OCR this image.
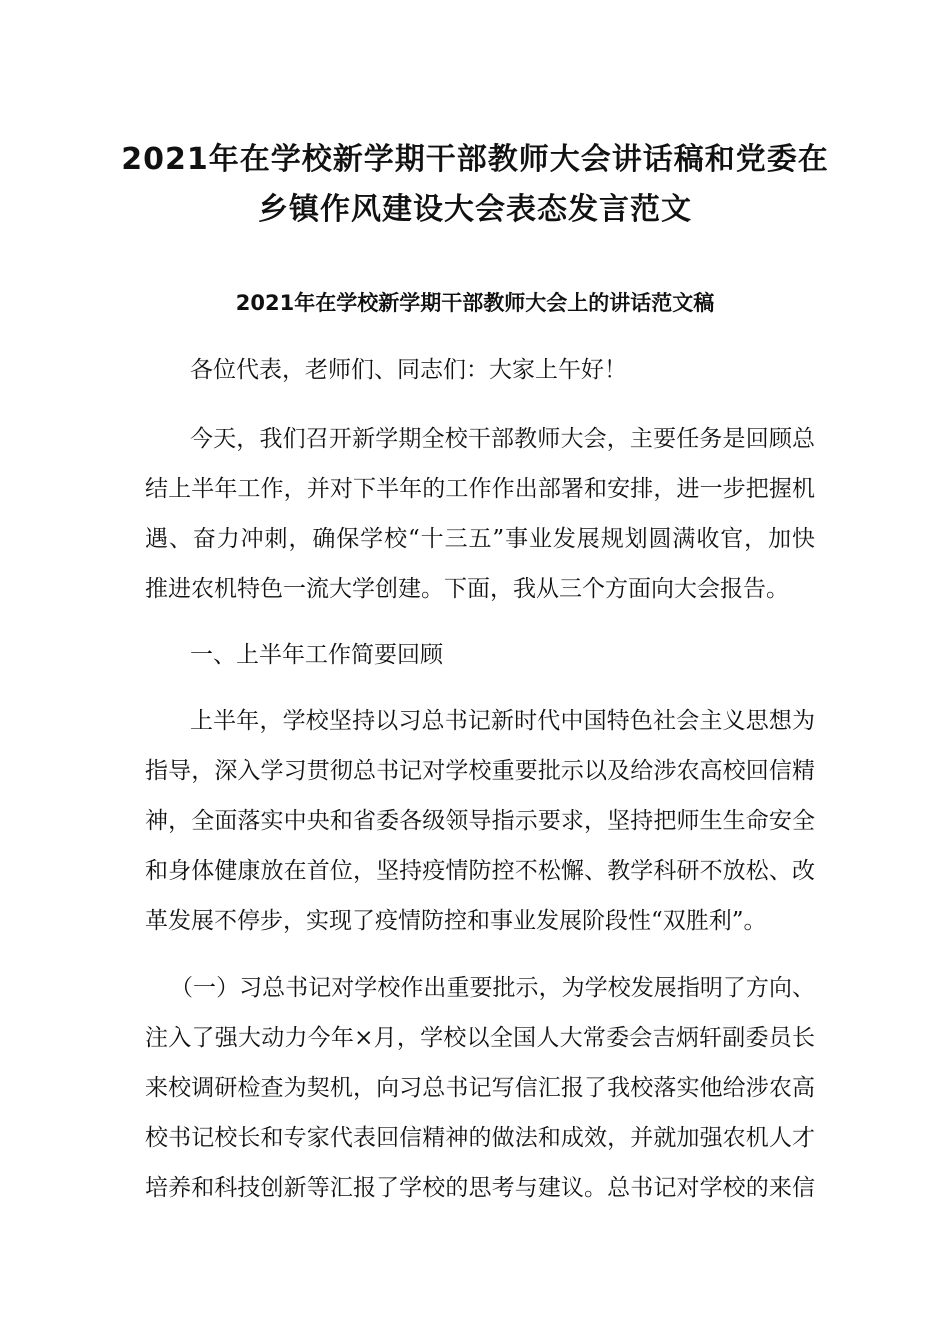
2021年在学校新学期干部教师大会讲话稿和党委在
乡镇作风建设大会表态发言范文
2021年在学校新学期干部教师大会上的讲话范文稿

各位代表，老师们、同志们：大家上午好！

今天，我们召开新学期全校干部教师大会，主要任务是回顾总

结上半年工作，并对下半年的工作作出部署和安排，进一步把握机

遇、奋力冲刺，确保学校“十三五”事业发展规划圆满收官，加快

推进农机特色一流大学创建。下面，我从三个方面向大会报告。

一、上半年工作简要回顾

上半年，学校坚持以习总书记新时代中国特色社会主义思想为

指导，深入学习贯彻总书记对学校重要批示以及给涉农高校回信精

神，全面落实中央和省委各级领导指示要求，坚持把师生生命安全

和身体健康放在首位，坚持疫情防控不松懈、教学科研不放松、改

革发展不停步，实现了疫情防控和事业发展阶段性“双胜利”。

（一）习总书记对学校作出重要批示，为学校发展指明了方向、

注入了强大动力今年×月，学校以全国人大常委会吉炳轩副委员长

来校调研检查为契机，向习总书记写信汇报了我校落实他给涉农高

校书记校长和专家代表回信精神的做法和成效，并就加强农机人才

培养和科技创新等汇报了学校的思考与建议。总书记对学校的来信
